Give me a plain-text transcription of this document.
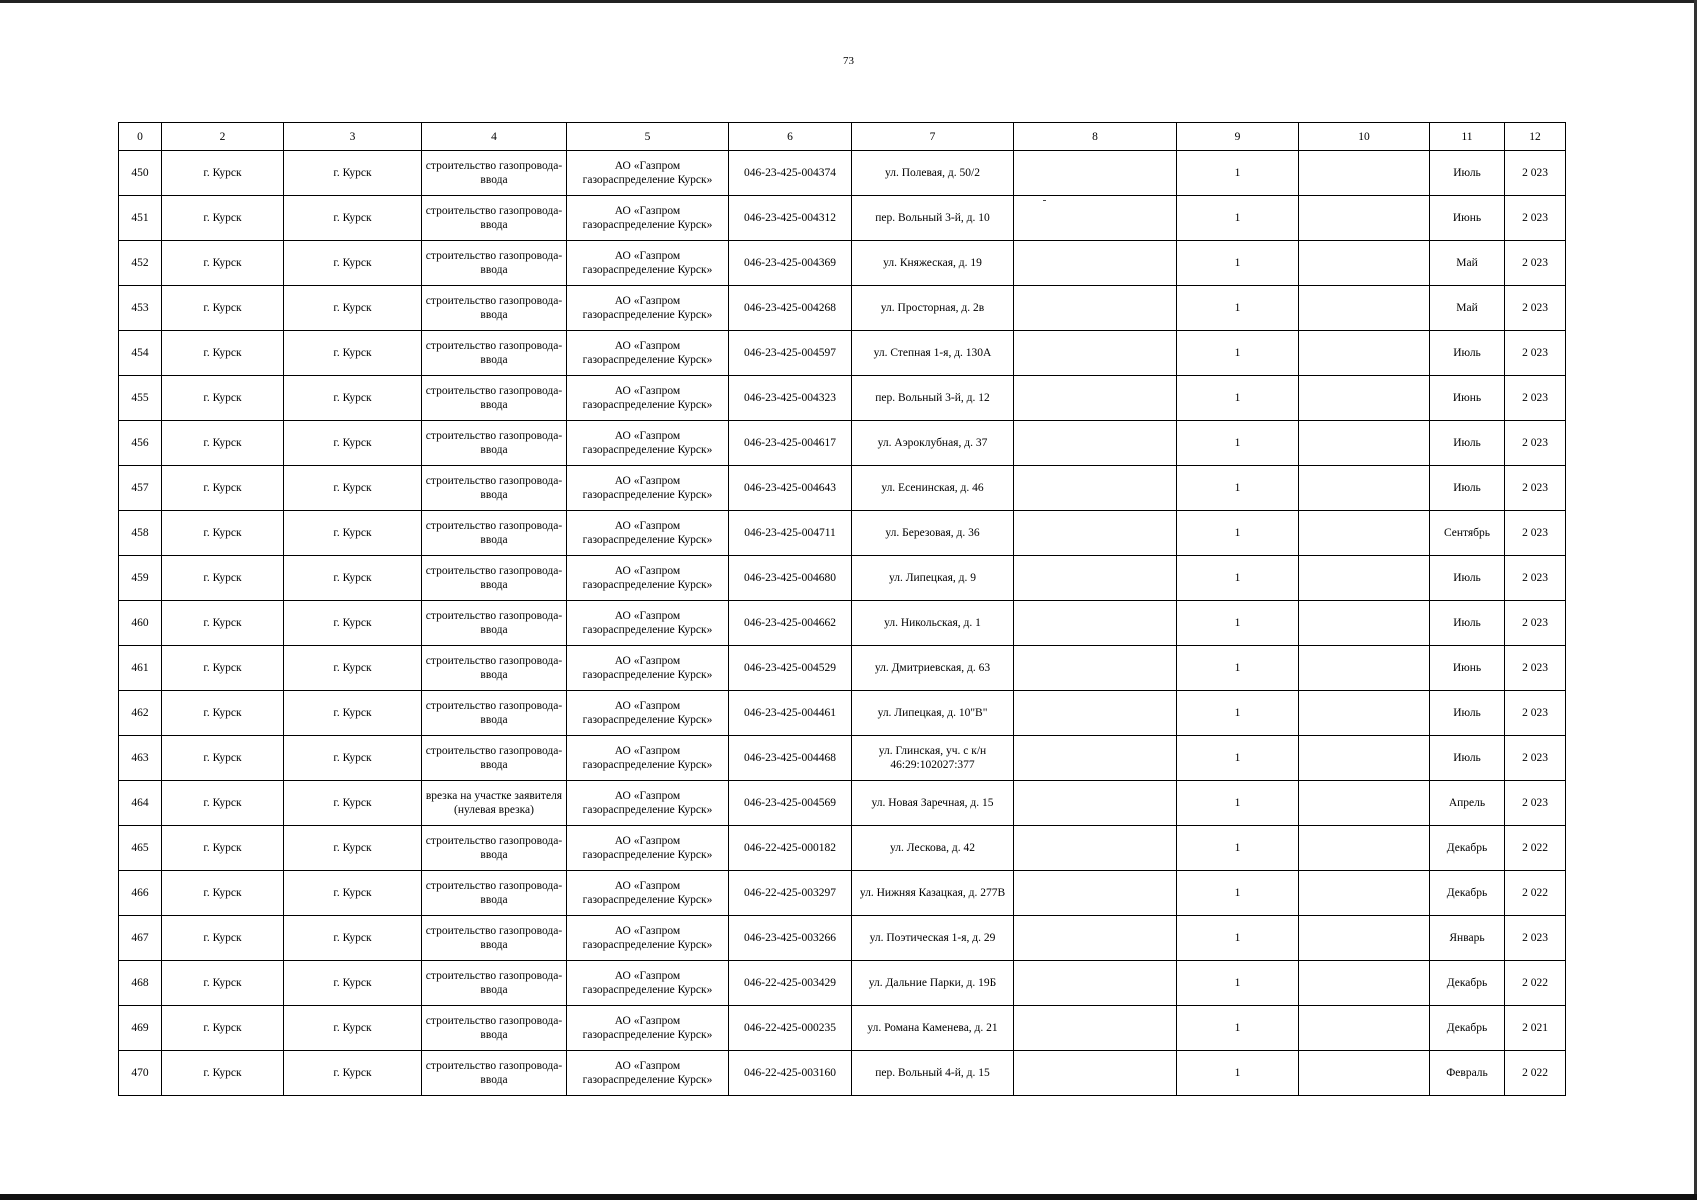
73
0	2	3	4	5	6	7	8	9	10	11	12
450	г. Курск	г. Курск	строительство газопровода-ввода	АО «Газпром газораспределение Курск»	046-23-425-004374	ул. Полевая, д. 50/2		1		Июль	2 023
451	г. Курск	г. Курск	строительство газопровода-ввода	АО «Газпром газораспределение Курск»	046-23-425-004312	пер. Вольный 3-й, д. 10		1		Июнь	2 023
452	г. Курск	г. Курск	строительство газопровода-ввода	АО «Газпром газораспределение Курск»	046-23-425-004369	ул. Княжеская, д. 19		1		Май	2 023
453	г. Курск	г. Курск	строительство газопровода-ввода	АО «Газпром газораспределение Курск»	046-23-425-004268	ул. Просторная, д. 2в		1		Май	2 023
454	г. Курск	г. Курск	строительство газопровода-ввода	АО «Газпром газораспределение Курск»	046-23-425-004597	ул. Степная 1-я, д. 130А		1		Июль	2 023
455	г. Курск	г. Курск	строительство газопровода-ввода	АО «Газпром газораспределение Курск»	046-23-425-004323	пер. Вольный 3-й, д. 12		1		Июнь	2 023
456	г. Курск	г. Курск	строительство газопровода-ввода	АО «Газпром газораспределение Курск»	046-23-425-004617	ул. Аэроклубная, д. 37		1		Июль	2 023
457	г. Курск	г. Курск	строительство газопровода-ввода	АО «Газпром газораспределение Курск»	046-23-425-004643	ул. Есенинская, д. 46		1		Июль	2 023
458	г. Курск	г. Курск	строительство газопровода-ввода	АО «Газпром газораспределение Курск»	046-23-425-004711	ул. Березовая, д. 36		1		Сентябрь	2 023
459	г. Курск	г. Курск	строительство газопровода-ввода	АО «Газпром газораспределение Курск»	046-23-425-004680	ул. Липецкая, д. 9		1		Июль	2 023
460	г. Курск	г. Курск	строительство газопровода-ввода	АО «Газпром газораспределение Курск»	046-23-425-004662	ул. Никольская, д. 1		1		Июль	2 023
461	г. Курск	г. Курск	строительство газопровода-ввода	АО «Газпром газораспределение Курск»	046-23-425-004529	ул. Дмитриевская, д. 63		1		Июнь	2 023
462	г. Курск	г. Курск	строительство газопровода-ввода	АО «Газпром газораспределение Курск»	046-23-425-004461	ул. Липецкая, д. 10"В"		1		Июль	2 023
463	г. Курск	г. Курск	строительство газопровода-ввода	АО «Газпром газораспределение Курск»	046-23-425-004468	ул. Глинская, уч. с к/н 46:29:102027:377		1		Июль	2 023
464	г. Курск	г. Курск	врезка на участке заявителя (нулевая врезка)	АО «Газпром газораспределение Курск»	046-23-425-004569	ул. Новая Заречная, д. 15		1		Апрель	2 023
465	г. Курск	г. Курск	строительство газопровода-ввода	АО «Газпром газораспределение Курск»	046-22-425-000182	ул. Лескова, д. 42		1		Декабрь	2 022
466	г. Курск	г. Курск	строительство газопровода-ввода	АО «Газпром газораспределение Курск»	046-22-425-003297	ул. Нижняя Казацкая, д. 277В		1		Декабрь	2 022
467	г. Курск	г. Курск	строительство газопровода-ввода	АО «Газпром газораспределение Курск»	046-23-425-003266	ул. Поэтическая 1-я, д. 29		1		Январь	2 023
468	г. Курск	г. Курск	строительство газопровода-ввода	АО «Газпром газораспределение Курск»	046-22-425-003429	ул. Дальние Парки, д. 19Б		1		Декабрь	2 022
469	г. Курск	г. Курск	строительство газопровода-ввода	АО «Газпром газораспределение Курск»	046-22-425-000235	ул. Романа Каменева, д. 21		1		Декабрь	2 021
470	г. Курск	г. Курск	строительство газопровода-ввода	АО «Газпром газораспределение Курск»	046-22-425-003160	пер. Вольный 4-й, д. 15		1		Февраль	2 022
